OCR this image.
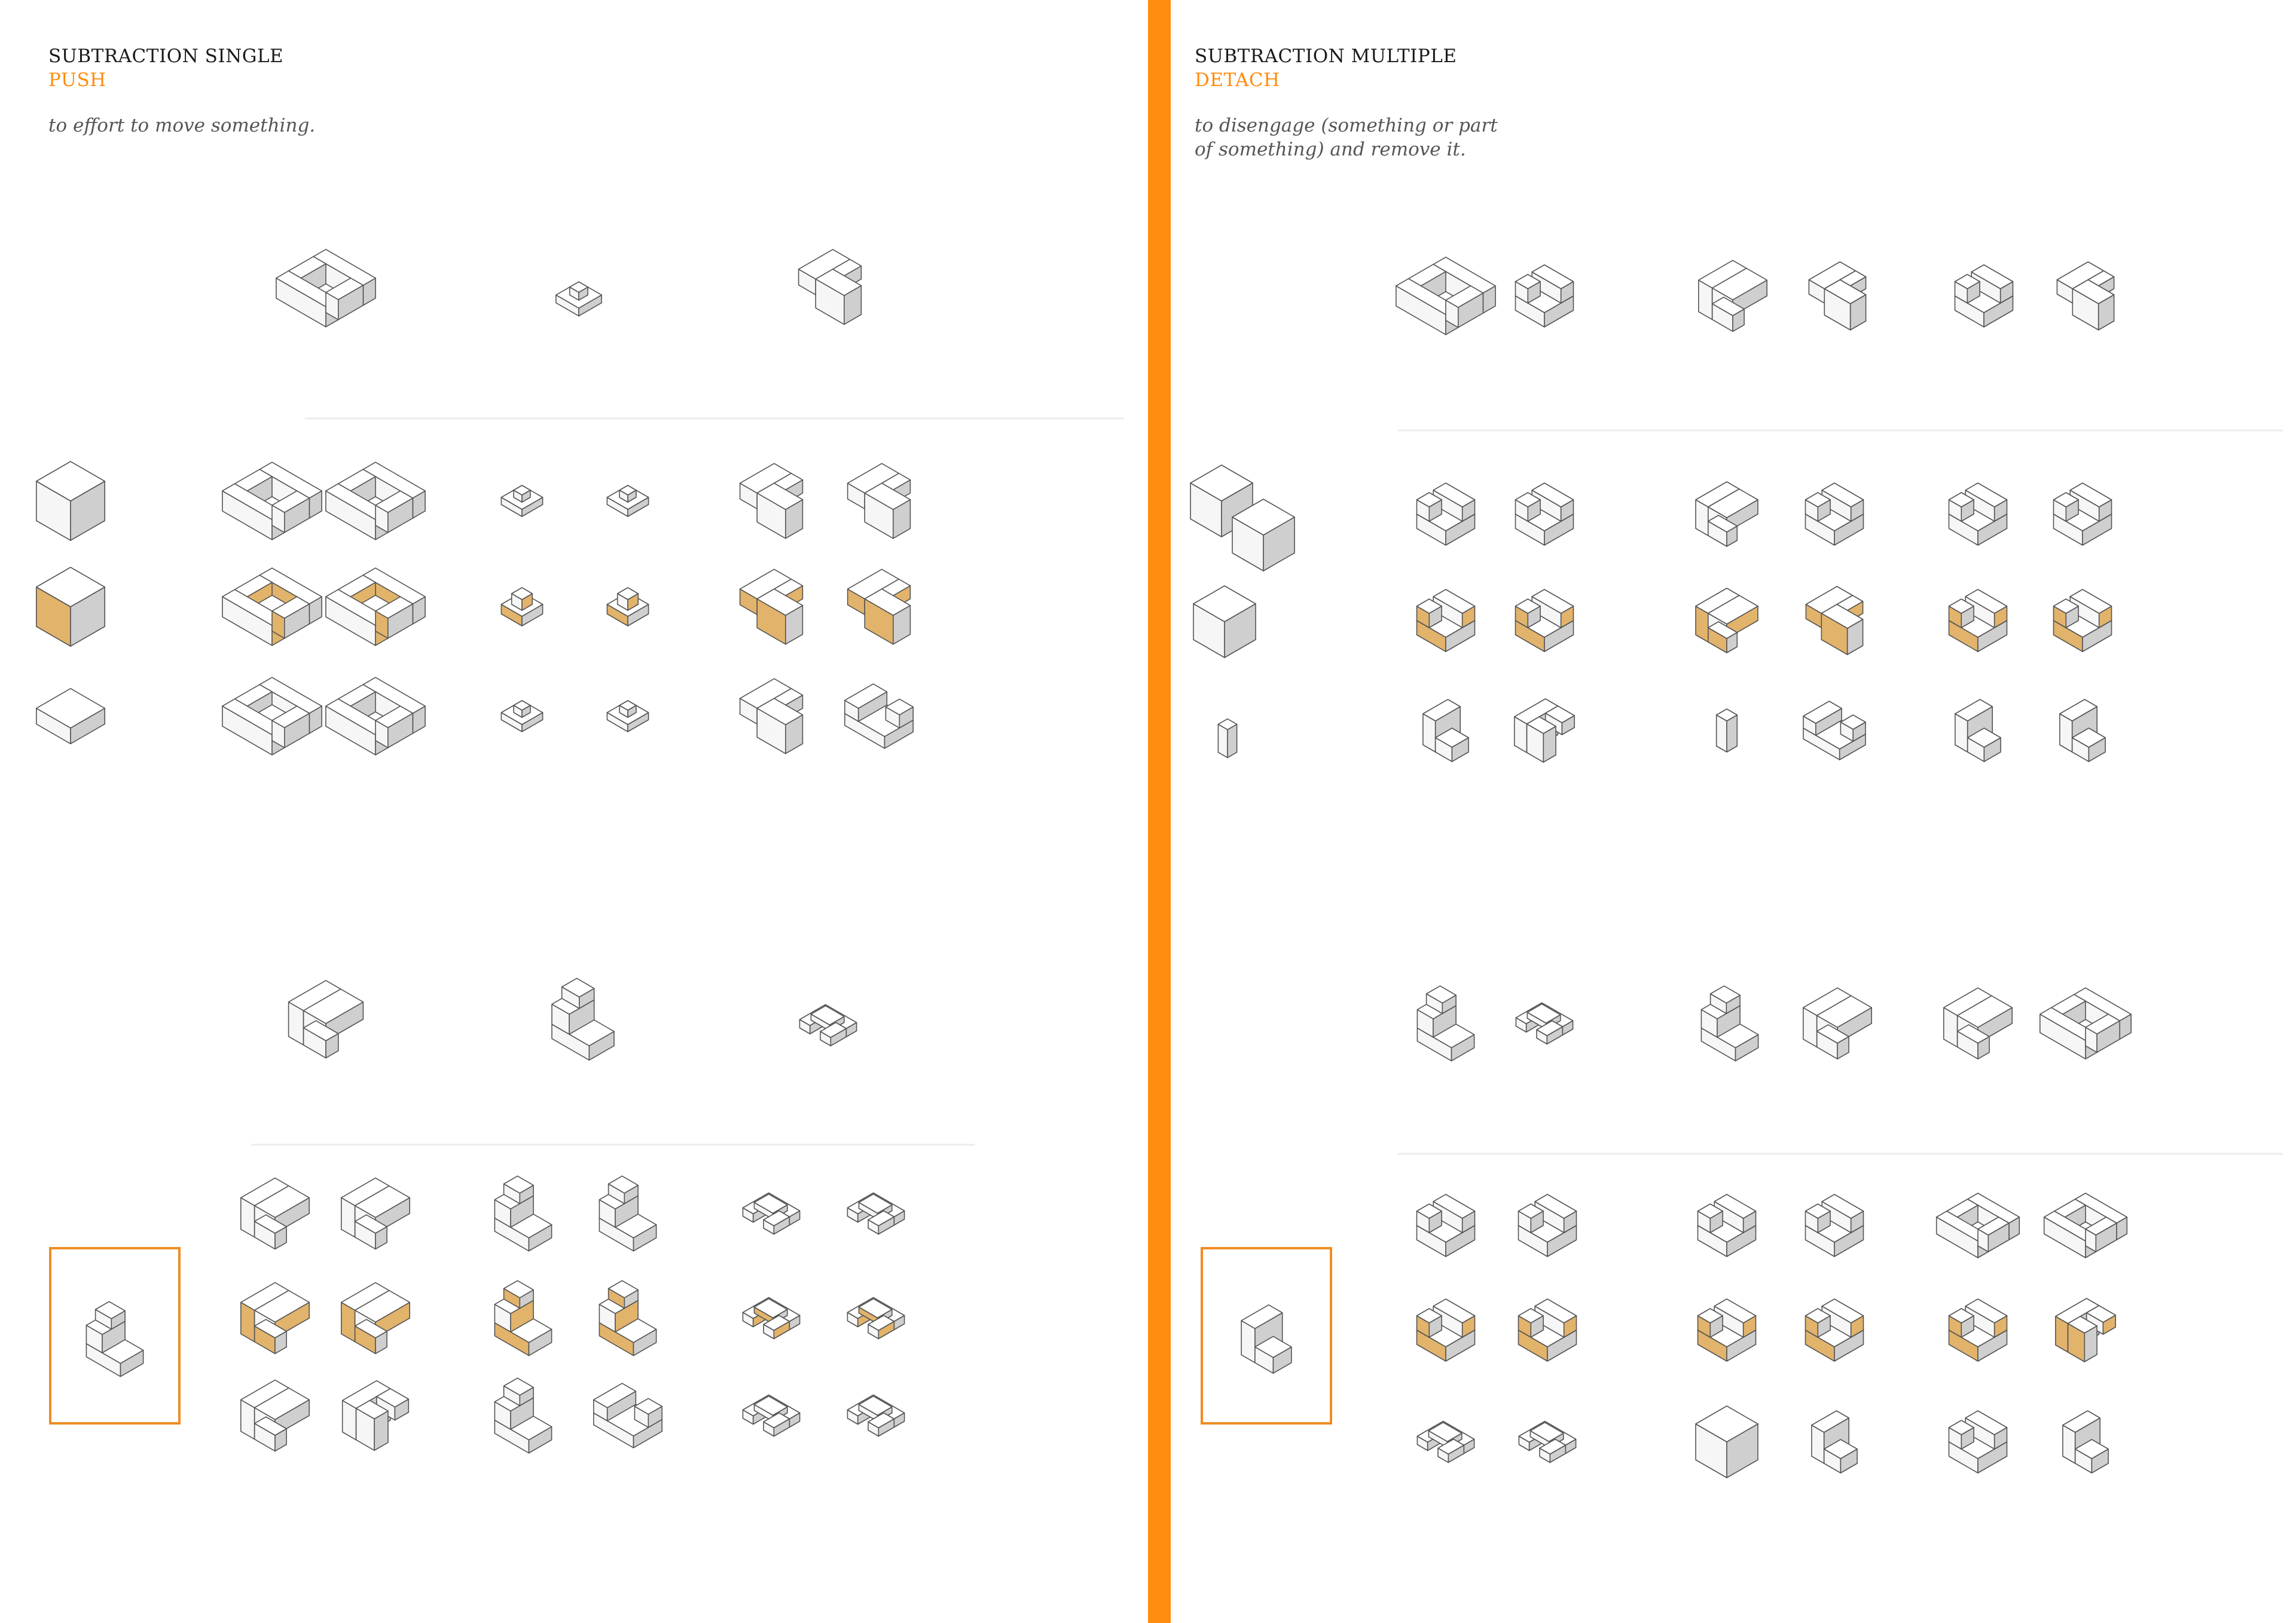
SUBTRACTION SINGLE
PUSH
to effort to move something.
SUBTRACTION MULTIPLE
DETACH
to disengage (something or part of something) and remove it.
